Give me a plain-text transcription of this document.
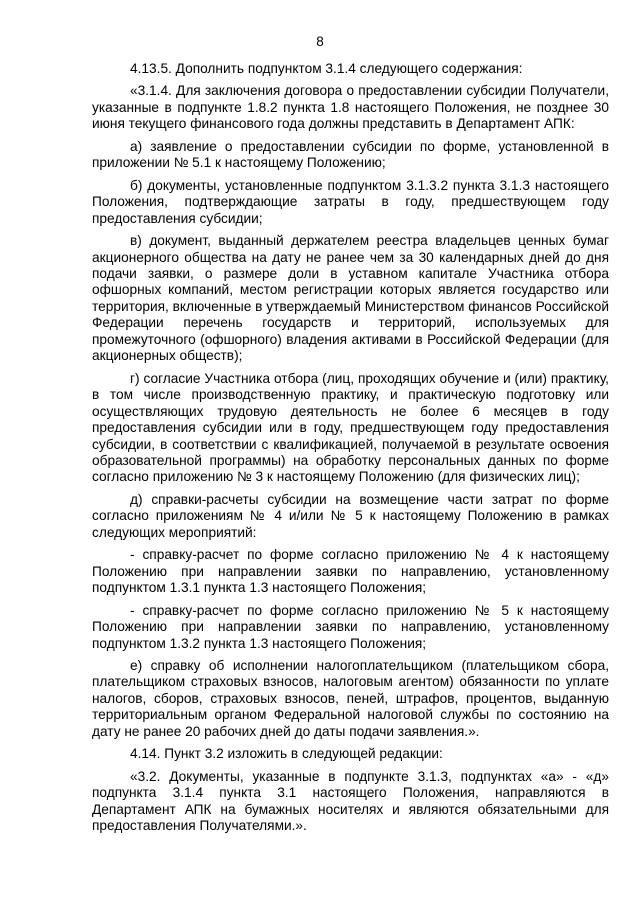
8

4.13.5. Дополнить подпунктом 3.1.4 следующего содержания:

«3.1.4. Для заключения договора о предоставлении субсидии Получатели, указанные в подпункте 1.8.2 пункта 1.8 настоящего Положения, не позднее 30 июня текущего финансового года должны представить в Департамент АПК:

а) заявление о предоставлении субсидии по форме, установленной в приложении № 5.1 к настоящему Положению;

б) документы, установленные подпунктом 3.1.3.2 пункта 3.1.3 настоящего Положения, подтверждающие затраты в году, предшествующем году предоставления субсидии;

в) документ, выданный держателем реестра владельцев ценных бумаг акционерного общества на дату не ранее чем за 30 календарных дней до дня подачи заявки, о размере доли в уставном капитале Участника отбора офшорных компаний, местом регистрации которых является государство или территория, включенные в утверждаемый Министерством финансов Российской Федерации перечень государств и территорий, используемых для промежуточного (офшорного) владения активами в Российской Федерации (для акционерных обществ);

г) согласие Участника отбора (лиц, проходящих обучение и (или) практику, в том числе производственную практику, и практическую подготовку или осуществляющих трудовую деятельность не более 6 месяцев в году предоставления субсидии или в году, предшествующем году предоставления субсидии, в соответствии с квалификацией, получаемой в результате освоения образовательной программы) на обработку персональных данных по форме согласно приложению № 3 к настоящему Положению (для физических лиц);

д) справки-расчеты субсидии на возмещение части затрат по форме согласно приложениям № 4 и/или № 5 к настоящему Положению в рамках следующих мероприятий:

- справку-расчет по форме согласно приложению № 4 к настоящему Положению при направлении заявки по направлению, установленному подпунктом 1.3.1 пункта 1.3 настоящего Положения;

- справку-расчет по форме согласно приложению № 5 к настоящему Положению при направлении заявки по направлению, установленному подпунктом 1.3.2 пункта 1.3 настоящего Положения;

е) справку об исполнении налогоплательщиком (плательщиком сбора, плательщиком страховых взносов, налоговым агентом) обязанности по уплате налогов, сборов, страховых взносов, пеней, штрафов, процентов, выданную территориальным органом Федеральной налоговой службы по состоянию на дату не ранее 20 рабочих дней до даты подачи заявления.».

4.14. Пункт 3.2 изложить в следующей редакции:

«3.2. Документы, указанные в подпункте 3.1.3, подпунктах «а» - «д» подпункта 3.1.4 пункта 3.1 настоящего Положения, направляются в Департамент АПК на бумажных носителях и являются обязательными для предоставления Получателями.».
